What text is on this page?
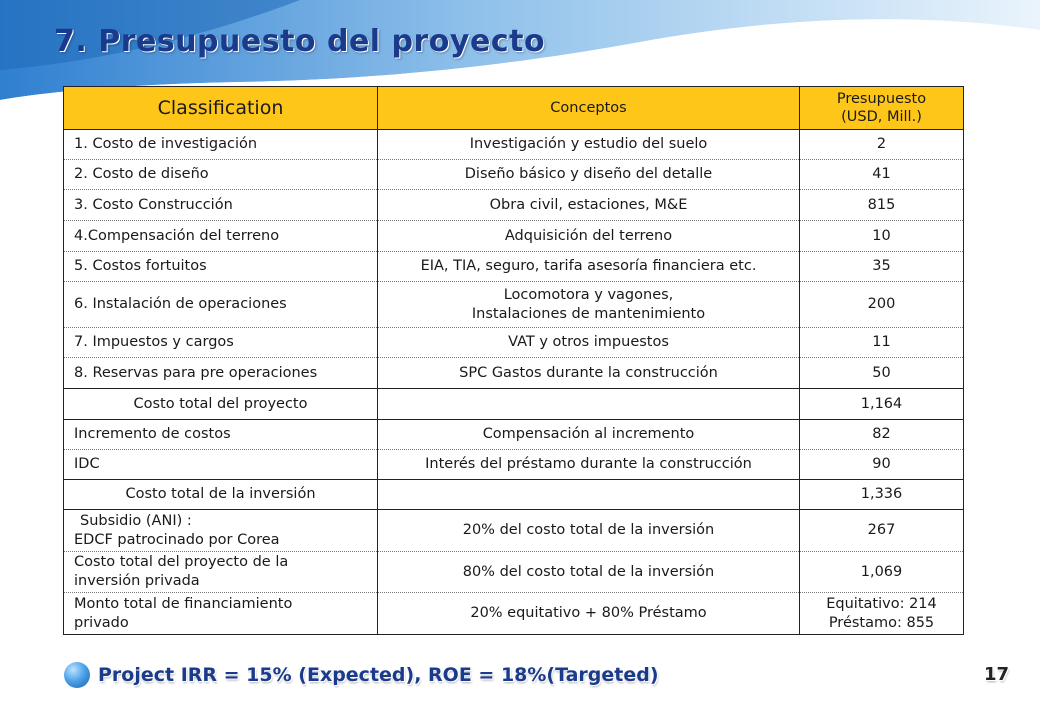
7. Presupuesto del proyecto
Classification	Conceptos	Presupuesto
(USD, Mill.)
1. Costo de investigación	Investigación y estudio del suelo	2
2. Costo de diseño	Diseño básico y diseño del detalle	41
3. Costo Construcción	Obra civil, estaciones, M&E	815
4.Compensación del terreno	Adquisición del terreno	10
5. Costos fortuitos	EIA, TIA, seguro, tarifa asesoría financiera etc.	35
6. Instalación de operaciones	Locomotora y vagones,
Instalaciones de mantenimiento	200
7. Impuestos y cargos	VAT y otros impuestos	11
8. Reservas para pre operaciones	SPC Gastos durante la construcción	50
Costo total del proyecto		1,164
Incremento de costos	Compensación al incremento	82
IDC	Interés del préstamo durante la construcción	90
Costo total de la inversión		1,336
Subsidio (ANI) :
EDCF patrocinado por Corea	20% del costo total de la inversión	267
Costo total del proyecto de la
inversión privada	80% del costo total de la inversión	1,069
Monto total de financiamiento
privado	20% equitativo + 80% Préstamo	Equitativo: 214
Préstamo: 855
Project IRR = 15% (Expected), ROE = 18%(Targeted)	17
